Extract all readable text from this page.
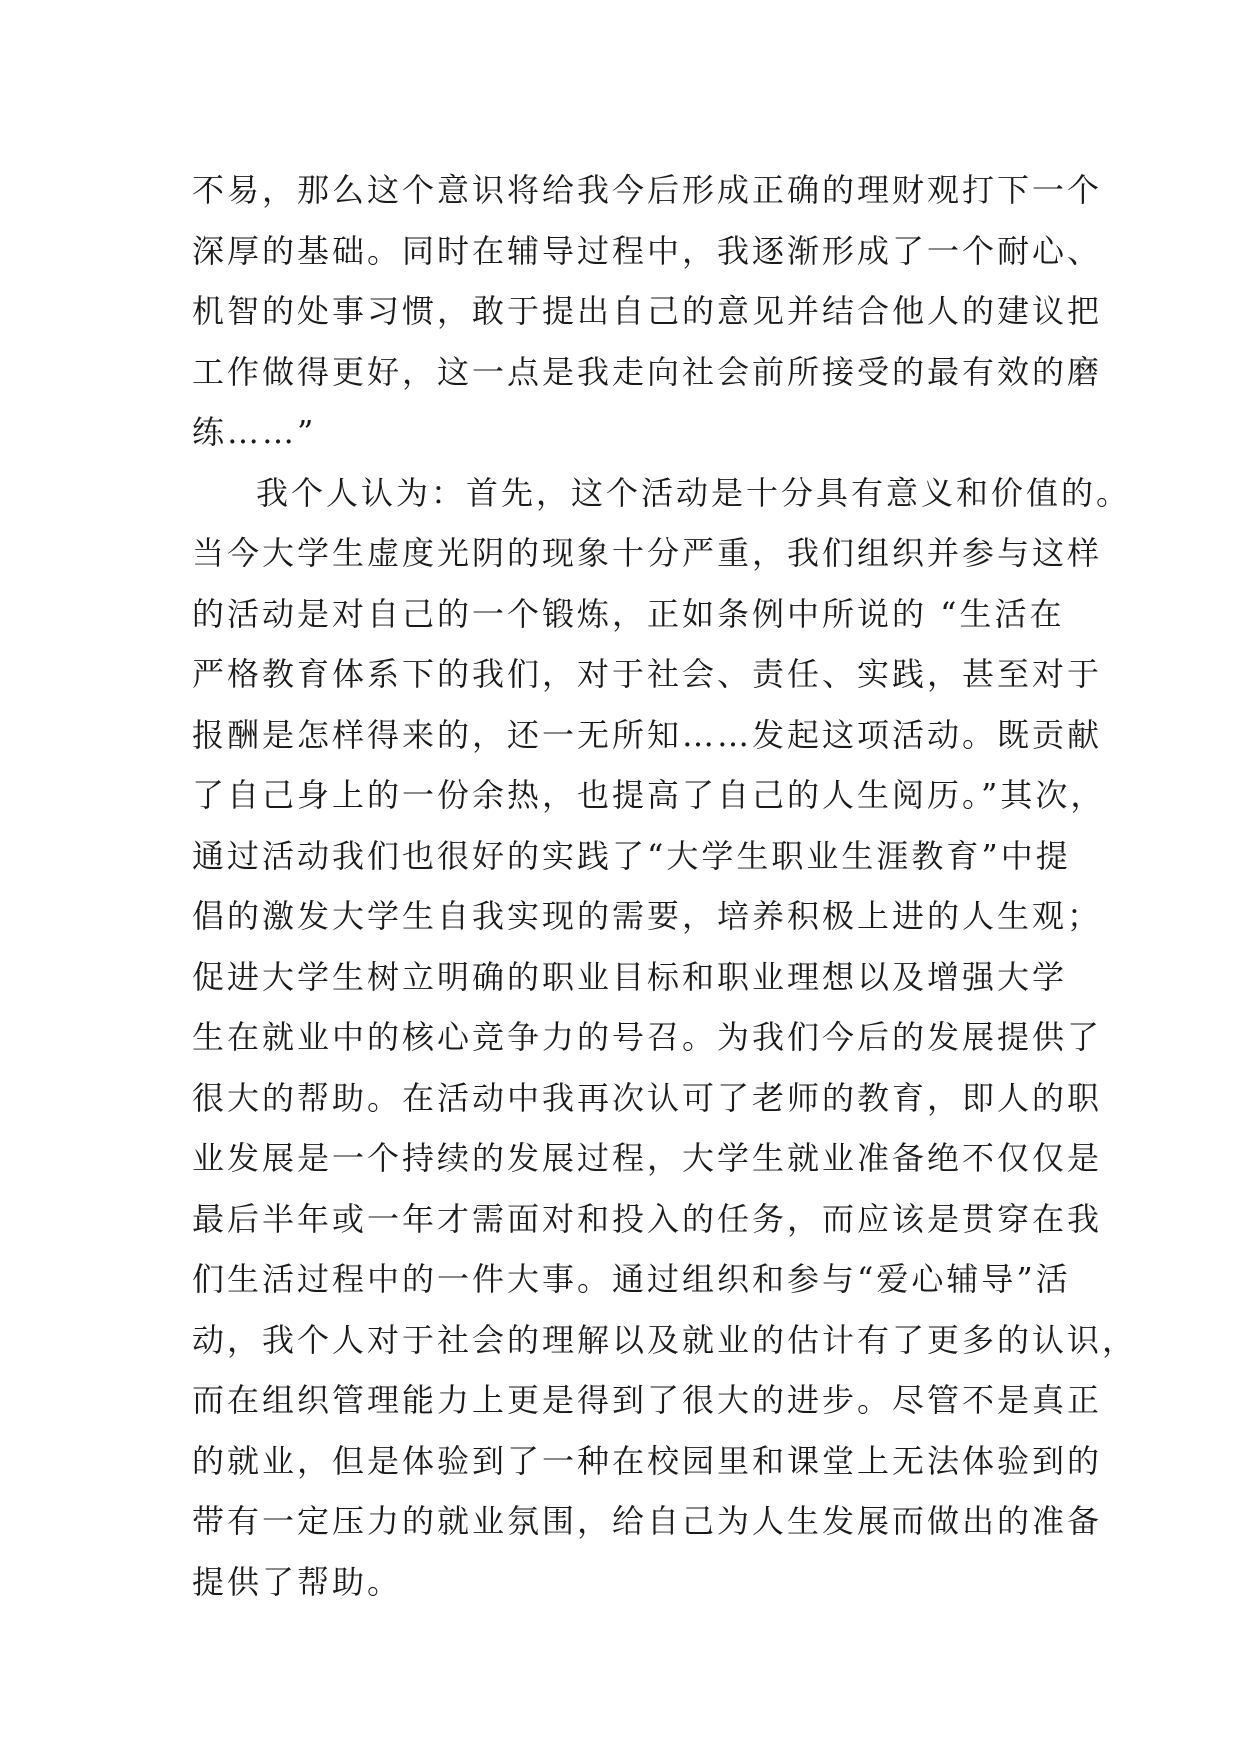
不易，那么这个意识将给我今后形成正确的理财观打下一个
深厚的基础。同时在辅导过程中，我逐渐形成了一个耐心、
机智的处事习惯，敢于提出自己的意见并结合他人的建议把
工作做得更好，这一点是我走向社会前所接受的最有效的磨
练……”
我个人认为：首先，这个活动是十分具有意义和价值的。
当今大学生虚度光阴的现象十分严重，我们组织并参与这样
的活动是对自己的一个锻炼，正如条例中所说的 “生活在
严格教育体系下的我们，对于社会、责任、实践，甚至对于
报酬是怎样得来的，还一无所知……发起这项活动。既贡献
了自己身上的一份余热，也提高了自己的人生阅历。”其次，
通过活动我们也很好的实践了“大学生职业生涯教育”中提
倡的激发大学生自我实现的需要，培养积极上进的人生观；
促进大学生树立明确的职业目标和职业理想以及增强大学
生在就业中的核心竞争力的号召。为我们今后的发展提供了
很大的帮助。在活动中我再次认可了老师的教育，即人的职
业发展是一个持续的发展过程，大学生就业准备绝不仅仅是
最后半年或一年才需面对和投入的任务，而应该是贯穿在我
们生活过程中的一件大事。通过组织和参与“爱心辅导”活
动，我个人对于社会的理解以及就业的估计有了更多的认识，
而在组织管理能力上更是得到了很大的进步。尽管不是真正
的就业，但是体验到了一种在校园里和课堂上无法体验到的
带有一定压力的就业氛围，给自己为人生发展而做出的准备
提供了帮助。
